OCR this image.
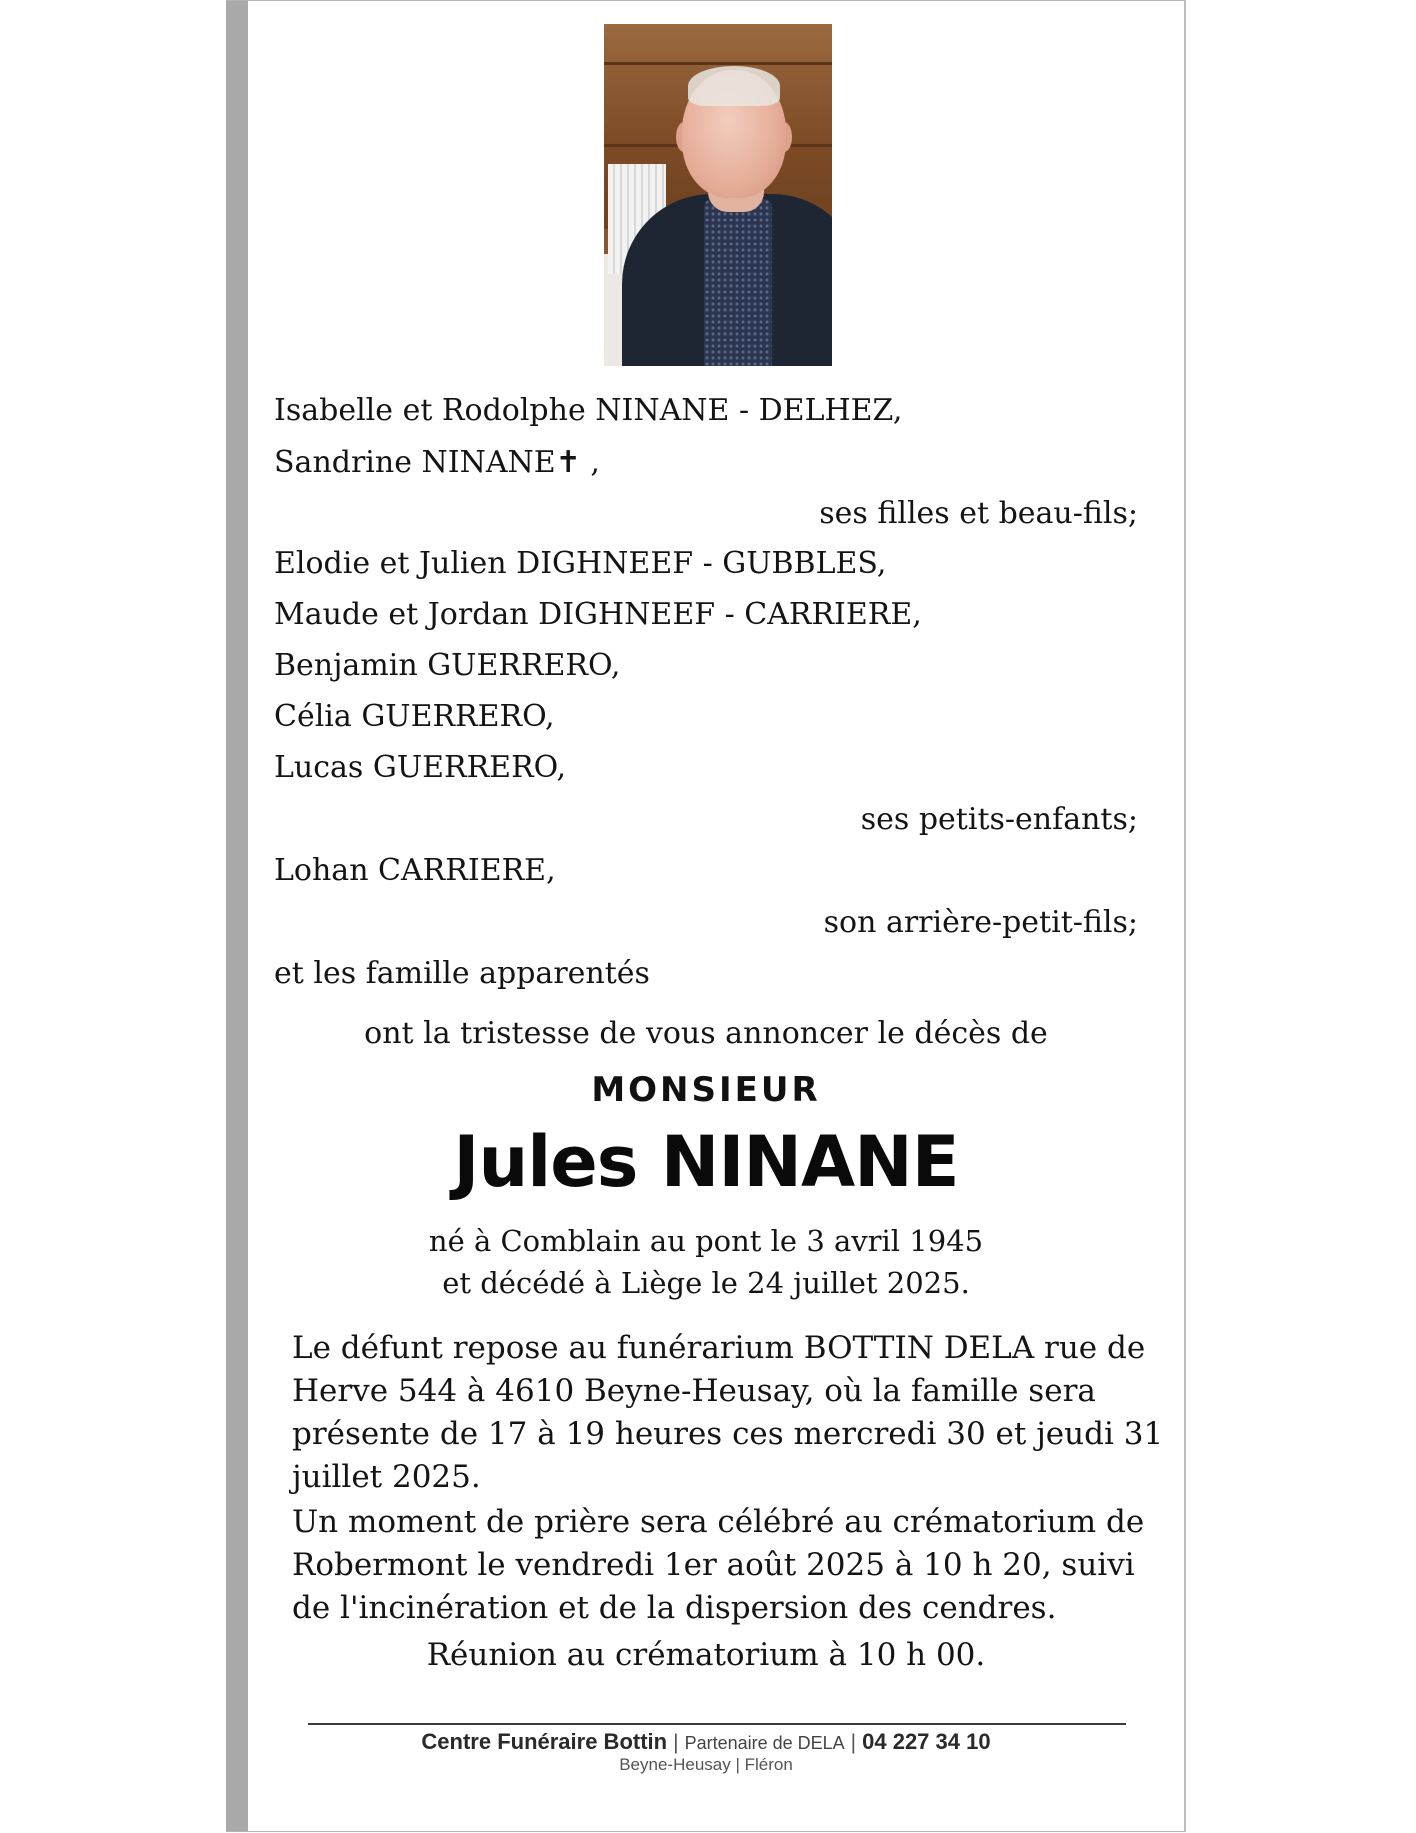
Isabelle et Rodolphe NINANE - DELHEZ,
Sandrine NINANE✝ ,
ses filles et beau-fils;
Elodie et Julien DIGHNEEF - GUBBLES,
Maude et Jordan DIGHNEEF - CARRIERE,
Benjamin GUERRERO,
Célia GUERRERO,
Lucas GUERRERO,
ses petits-enfants;
Lohan CARRIERE,
son arrière-petit-fils;
et les famille apparentés
ont la tristesse de vous annoncer le décès de
MONSIEUR
Jules NINANE
né à Comblain au pont le 3 avril 1945
et décédé à Liège le 24 juillet 2025.
Le défunt repose au funérarium BOTTIN DELA rue de Herve 544 à 4610 Beyne-Heusay, où la famille sera présente de 17 à 19 heures ces mercredi 30 et jeudi 31 juillet 2025.
Un moment de prière sera célébré au crématorium de Robermont le vendredi 1er août 2025 à 10 h 20, suivi de l'incinération et de la dispersion des cendres.
Réunion au crématorium à 10 h 00.
Centre Funéraire Bottin | Partenaire de DELA | 04 227 34 10
Beyne-Heusay | Fléron
